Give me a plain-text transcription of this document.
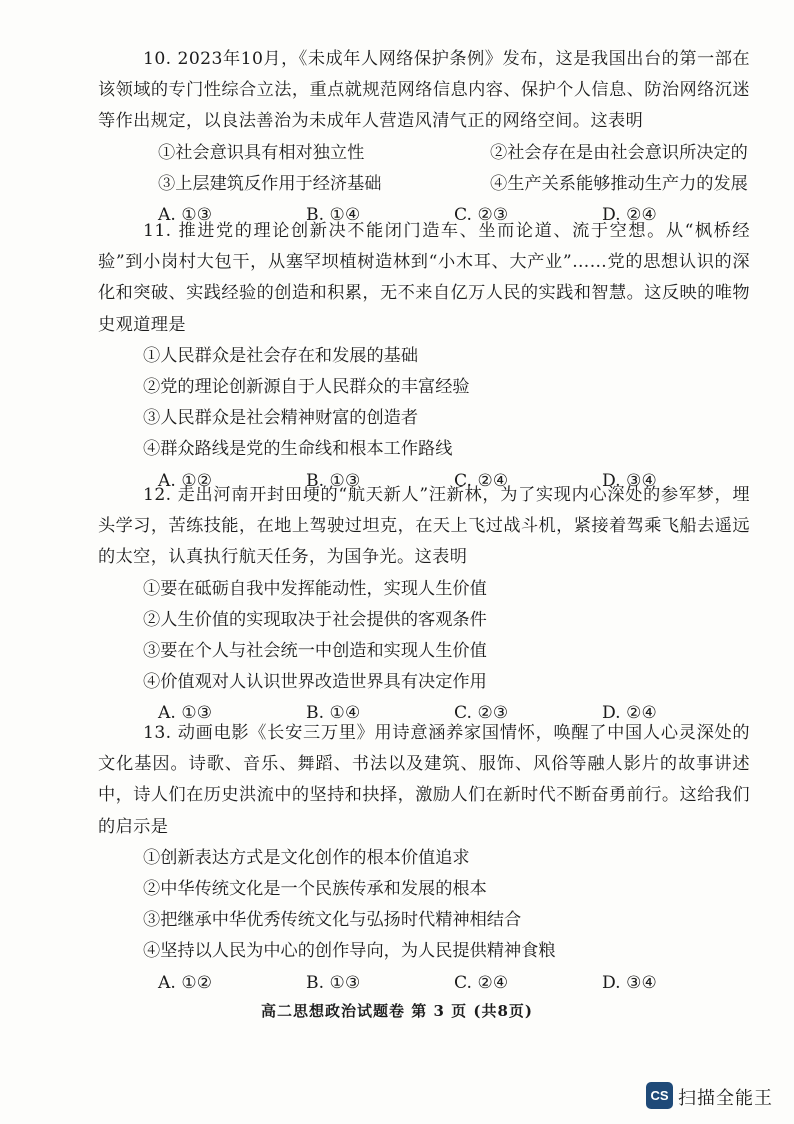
10. 2023年10月，《未成年人网络保护条例》发布，这是我国出台的第一部在该领域的专门性综合立法，重点就规范网络信息内容、保护个人信息、防治网络沉迷等作出规定，以良法善治为未成年人营造风清气正的网络空间。这表明

①社会意识具有相对独立性	②社会存在是由社会意识所决定的

③上层建筑反作用于经济基础	④生产关系能够推动生产力的发展

A. ①③	B. ①④	C. ②③	D. ②④

11. 推进党的理论创新决不能闭门造车、坐而论道、流于空想。从“枫桥经验”到小岗村大包干，从塞罕坝植树造林到“小木耳、大产业”……党的思想认识的深化和突破、实践经验的创造和积累，无不来自亿万人民的实践和智慧。这反映的唯物史观道理是

①人民群众是社会存在和发展的基础

②党的理论创新源自于人民群众的丰富经验

③人民群众是社会精神财富的创造者

④群众路线是党的生命线和根本工作路线

A. ①②	B. ①③	C. ②④	D. ③④

12. 走出河南开封田埂的“航天新人”汪新林，为了实现内心深处的参军梦，埋头学习，苦练技能，在地上驾驶过坦克，在天上飞过战斗机，紧接着驾乘飞船去遥远的太空，认真执行航天任务，为国争光。这表明

①要在砥砺自我中发挥能动性，实现人生价值

②人生价值的实现取决于社会提供的客观条件

③要在个人与社会统一中创造和实现人生价值

④价值观对人认识世界改造世界具有决定作用

A. ①③	B. ①④	C. ②③	D. ②④

13. 动画电影《长安三万里》用诗意涵养家国情怀，唤醒了中国人心灵深处的文化基因。诗歌、音乐、舞蹈、书法以及建筑、服饰、风俗等融人影片的故事讲述中，诗人们在历史洪流中的坚持和抉择，激励人们在新时代不断奋勇前行。这给我们的启示是

①创新表达方式是文化创作的根本价值追求

②中华传统文化是一个民族传承和发展的根本

③把继承中华优秀传统文化与弘扬时代精神相结合

④坚持以人民为中心的创作导向，为人民提供精神食粮

A. ①②	B. ①③	C. ②④	D. ③④

高二思想政治试题卷 第 3 页 (共8页)
CS 扫描全能王
